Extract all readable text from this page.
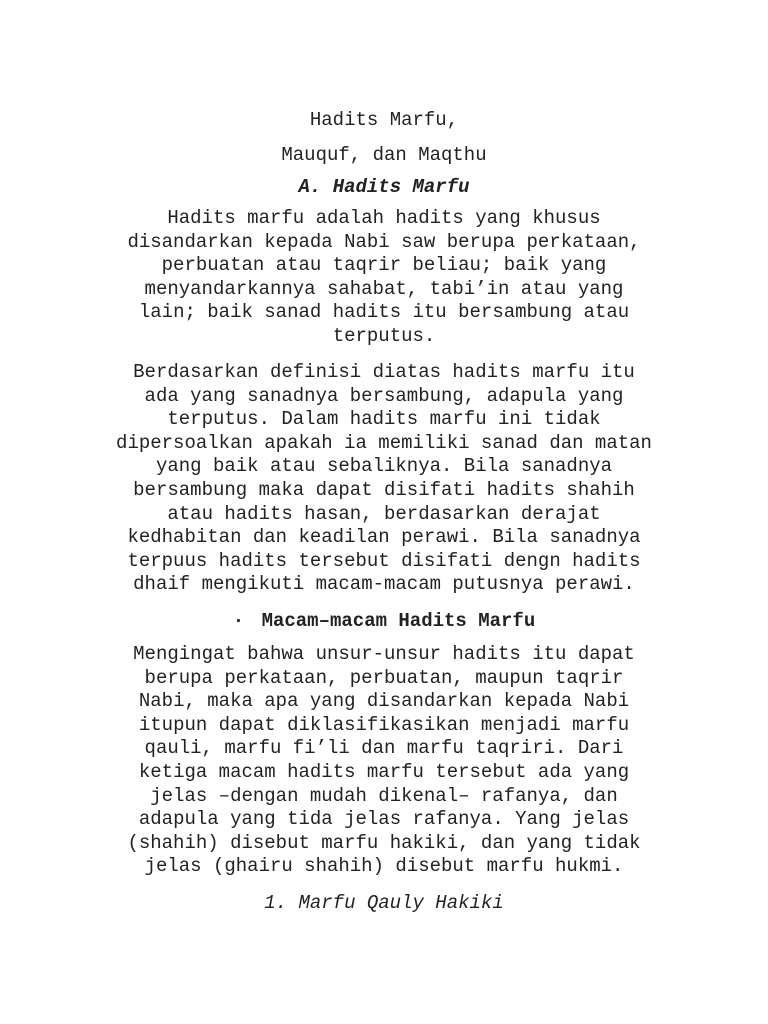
Hadits Marfu,
Mauquf, dan Maqthu
A. Hadits Marfu
Hadits marfu adalah hadits yang khusus
disandarkan kepada Nabi saw berupa perkataan,
perbuatan atau taqrir beliau; baik yang
menyandarkannya sahabat, tabi’in atau yang
lain; baik sanad hadits itu bersambung atau
terputus.
Berdasarkan definisi diatas hadits marfu itu
ada yang sanadnya bersambung, adapula yang
terputus. Dalam hadits marfu ini tidak
dipersoalkan apakah ia memiliki sanad dan matan
yang baik atau sebaliknya. Bila sanadnya
bersambung maka dapat disifati hadits shahih
atau hadits hasan, berdasarkan derajat
kedhabitan dan keadilan perawi. Bila sanadnya
terpuus hadits tersebut disifati dengn hadits
dhaif mengikuti macam-macam putusnya perawi.
· Macam–macam Hadits Marfu
Mengingat bahwa unsur-unsur hadits itu dapat
berupa perkataan, perbuatan, maupun taqrir
Nabi, maka apa yang disandarkan kepada Nabi
itupun dapat diklasifikasikan menjadi marfu
qauli, marfu fi’li dan marfu taqriri. Dari
ketiga macam hadits marfu tersebut ada yang
jelas –dengan mudah dikenal– rafanya, dan
adapula yang tida jelas rafanya. Yang jelas
(shahih) disebut marfu hakiki, dan yang tidak
jelas (ghairu shahih) disebut marfu hukmi.
1. Marfu Qauly Hakiki
